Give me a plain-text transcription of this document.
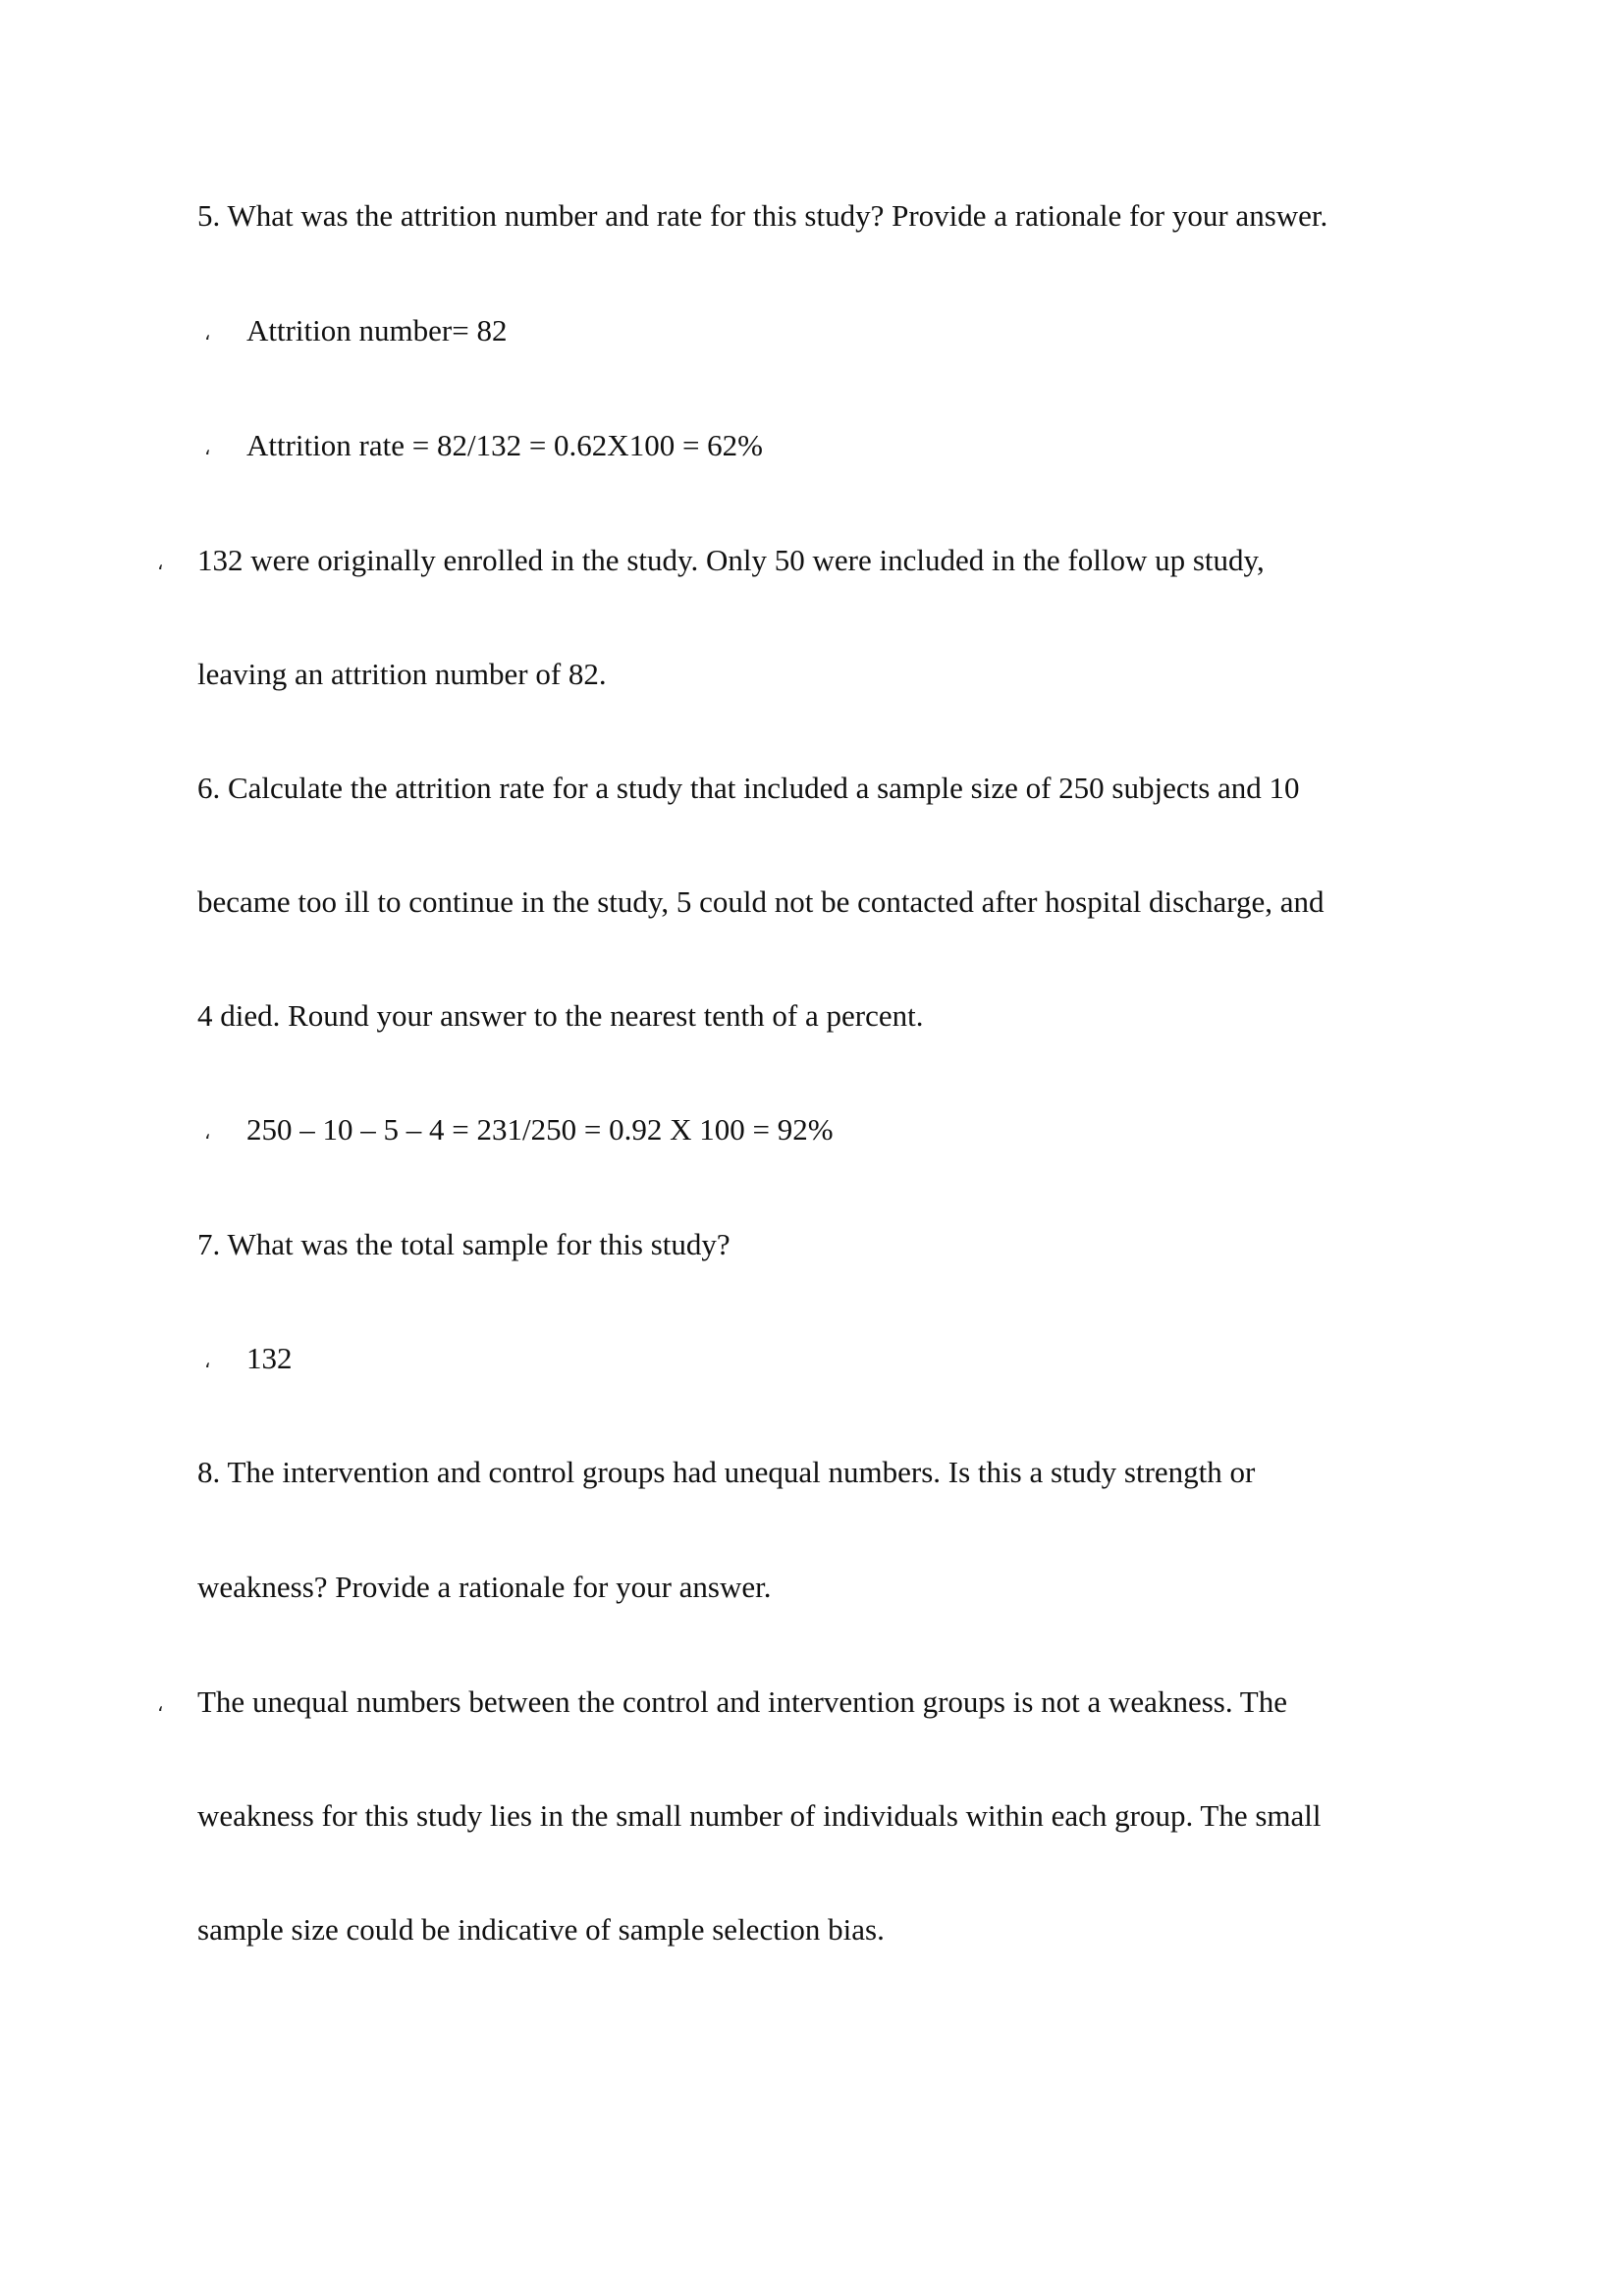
5. What was the attrition number and rate for this study? Provide a rationale for your answer.
، Attrition number= 82
، Attrition rate = 82/132 = 0.62X100 = 62%
، 132 were originally enrolled in the study. Only 50 were included in the follow up study,
leaving an attrition number of 82.
6. Calculate the attrition rate for a study that included a sample size of 250 subjects and 10
became too ill to continue in the study, 5 could not be contacted after hospital discharge, and
4 died. Round your answer to the nearest tenth of a percent.
، 250 – 10 – 5 – 4 = 231/250 = 0.92 X 100 = 92%
7. What was the total sample for this study?
، 132
8. The intervention and control groups had unequal numbers. Is this a study strength or
weakness? Provide a rationale for your answer.
، The unequal numbers between the control and intervention groups is not a weakness. The
weakness for this study lies in the small number of individuals within each group. The small
sample size could be indicative of sample selection bias.
